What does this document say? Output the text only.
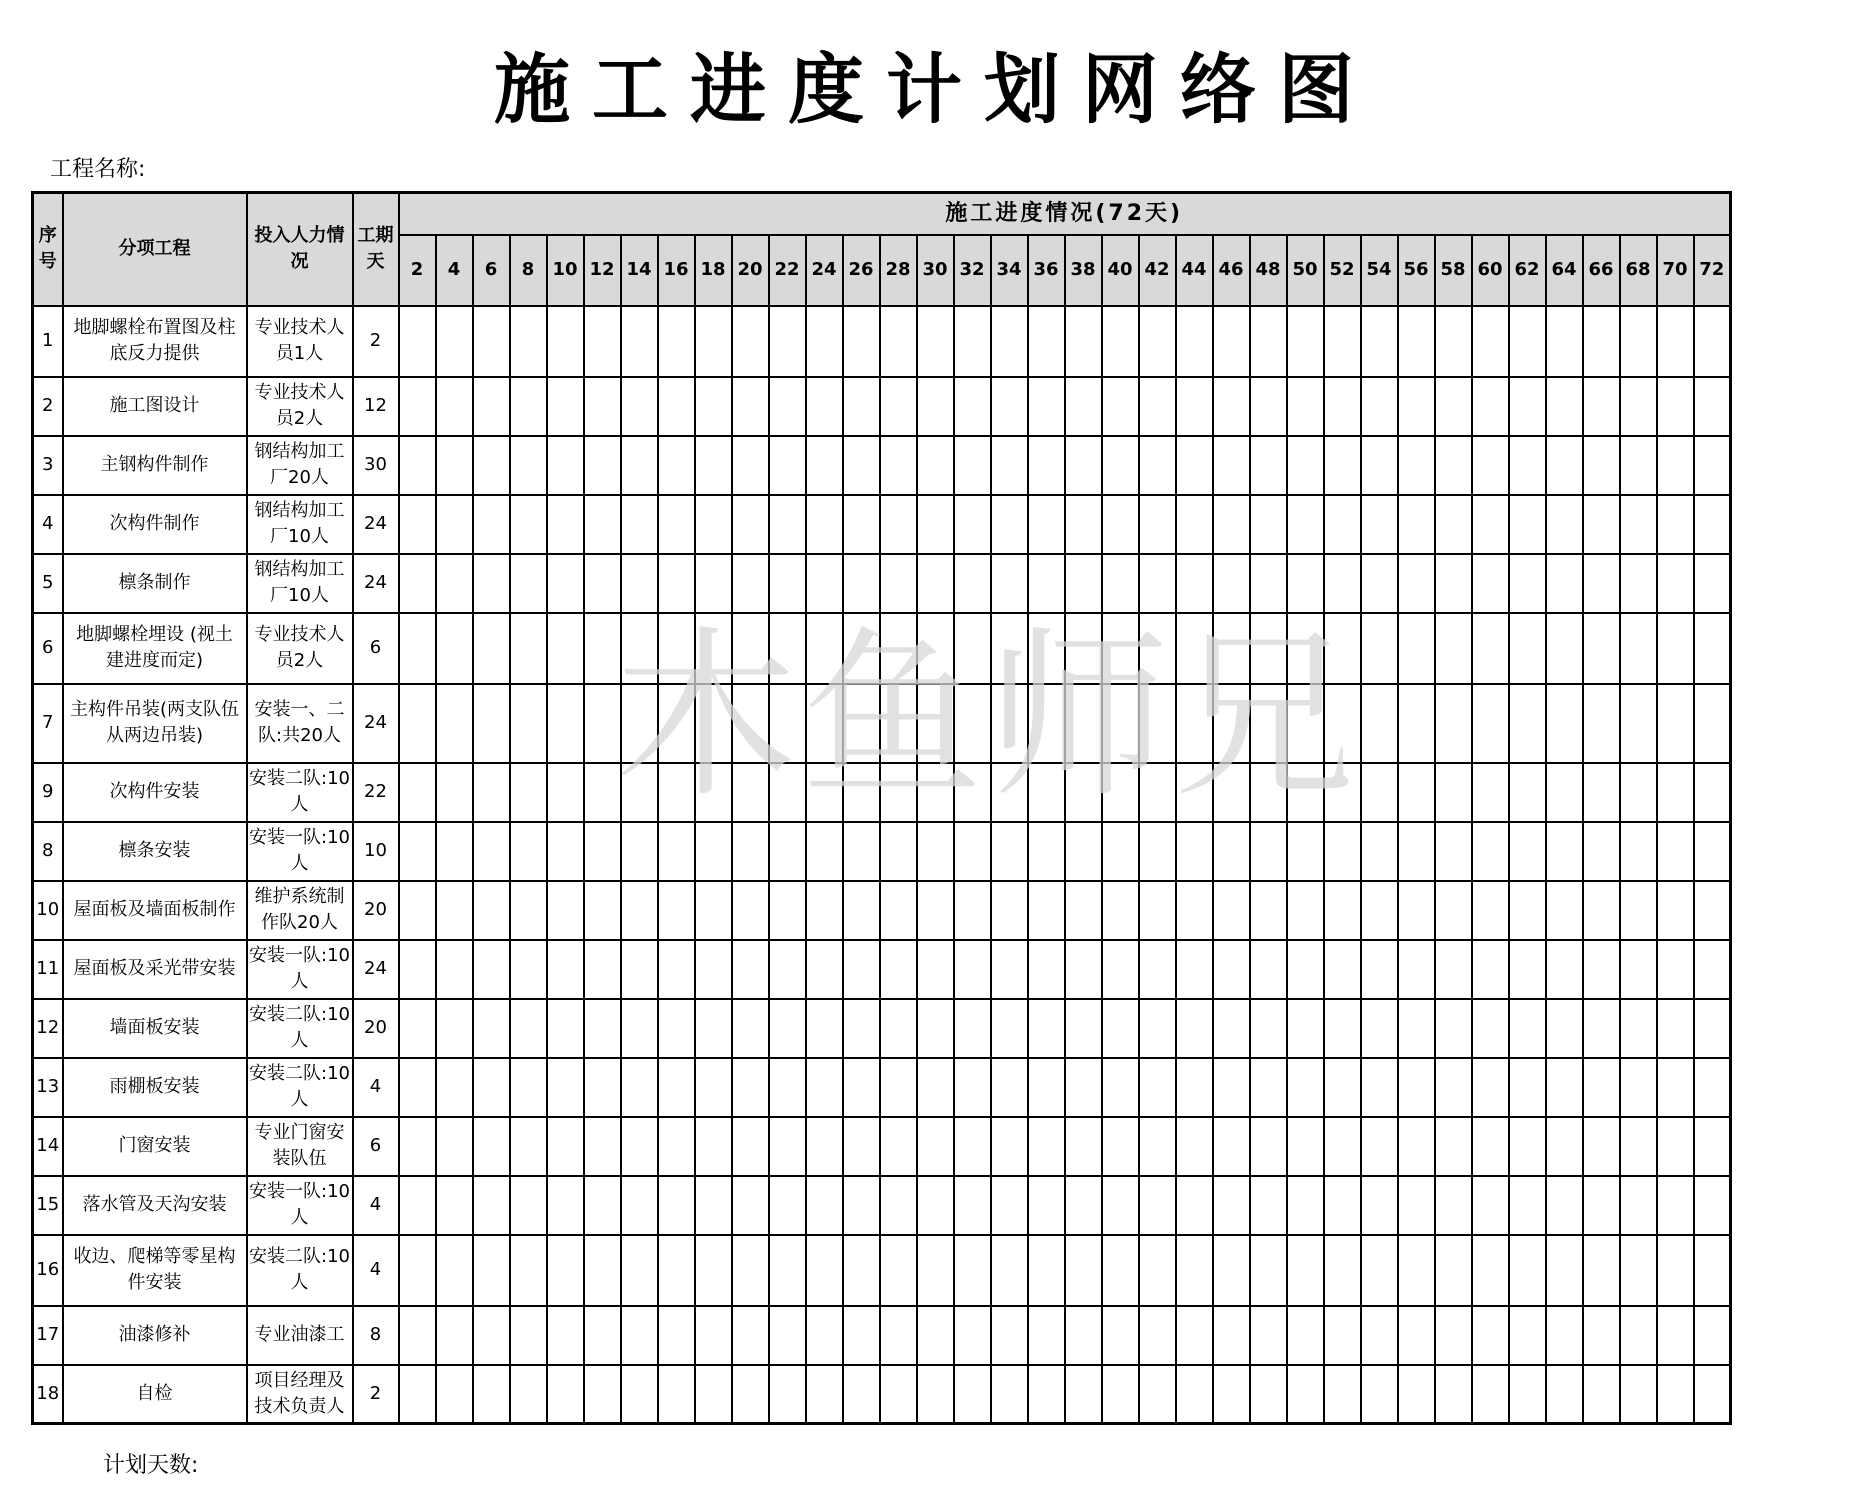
施工进度计划网络图
工程名称:
序号	分项工程	投入人力情况	工期天	施工进度情况(72天)																																			
				2	4	6	8	10	12	14	16	18	20	22	24	26	28	30	32	34	36	38	40	42	44	46	48	50	52	54	56	58	60	62	64	66	68	70	72
1	地脚螺栓布置图及柱底反力提供	专业技术人员1人	2																																				
2	施工图设计	专业技术人员2人	12																																				
3	主钢构件制作	钢结构加工厂20人	30																																				
4	次构件制作	钢结构加工厂10人	24																																				
5	檩条制作	钢结构加工厂10人	24																																				
6	地脚螺栓埋设 (视土建进度而定)	专业技术人员2人	6																																				
7	主构件吊装(两支队伍从两边吊装)	安装一、二队:共20人	24																																				
9	次构件安装	安装二队:10人	22																																				
8	檩条安装	安装一队:10人	10																																				
10	屋面板及墙面板制作	维护系统制作队20人	20																																				
11	屋面板及采光带安装	安装一队:10人	24																																				
12	墙面板安装	安装二队:10人	20																																				
13	雨棚板安装	安装二队:10人	4																																				
14	门窗安装	专业门窗安装队伍	6																																				
15	落水管及天沟安装	安装一队:10人	4																																				
16	收边、爬梯等零星构件安装	安装二队:10人	4																																				
17	油漆修补	专业油漆工	8																																				
18	自检	项目经理及技术负责人	2																																				
计划天数:
木鱼师兄
